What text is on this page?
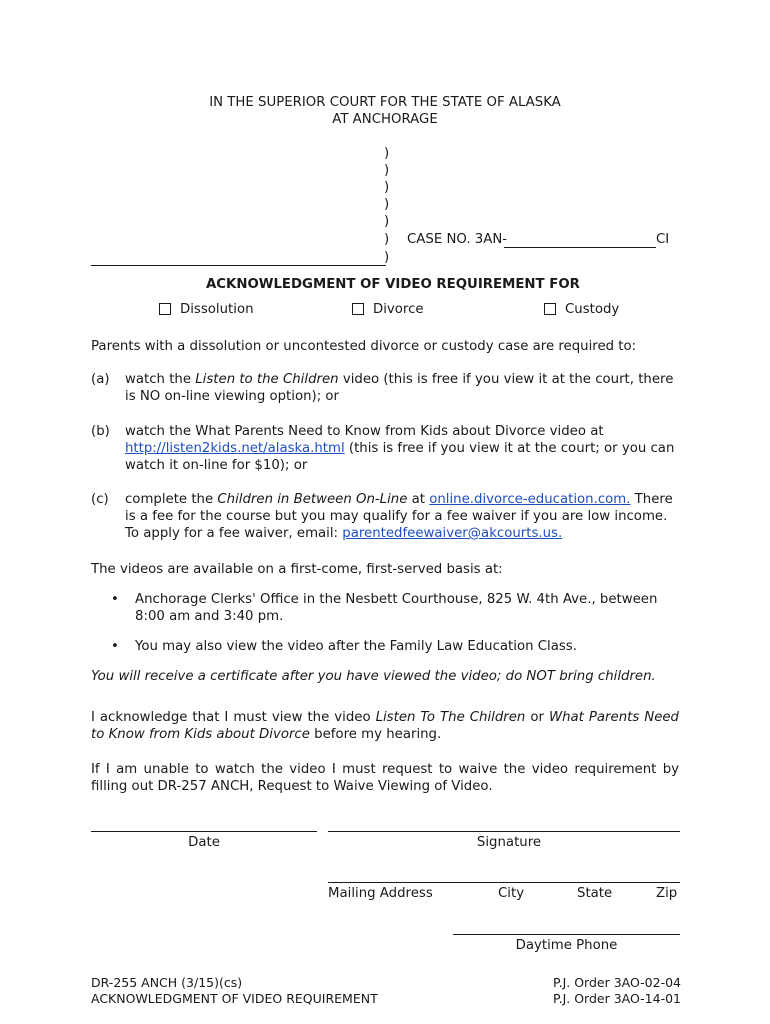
IN THE SUPERIOR COURT FOR THE STATE OF ALASKA
AT ANCHORAGE
)
)
)
)
)
)
)
CASE NO. 3AN-	CI
ACKNOWLEDGMENT OF VIDEO REQUIREMENT FOR
Dissolution	Divorce	Custody
Parents with a dissolution or uncontested divorce or custody case are required to:
(a) watch the Listen to the Children video (this is free if you view it at the court, there is NO on-line viewing option); or
(b) watch the What Parents Need to Know from Kids about Divorce video at
http://listen2kids.net/alaska.html (this is free if you view it at the court; or you can watch it on-line for $10); or
(c) complete the Children in Between On-Line at online.divorce-education.com. There is a fee for the course but you may qualify for a fee waiver if you are low income. To apply for a fee waiver, email: parentedfeewaiver@akcourts.us.
The videos are available on a first-come, first-served basis at:
• Anchorage Clerks' Office in the Nesbett Courthouse, 825 W. 4th Ave., between 8:00 am and 3:40 pm.
• You may also view the video after the Family Law Education Class.
You will receive a certificate after you have viewed the video; do NOT bring children.
I acknowledge that I must view the video Listen To The Children or What Parents Need to Know from Kids about Divorce before my hearing.
If I am unable to watch the video I must request to waive the video requirement by filling out DR-257 ANCH, Request to Waive Viewing of Video.
Date	Signature
Mailing Address	City	State	Zip
Daytime Phone
DR-255 ANCH (3/15)(cs)
ACKNOWLEDGMENT OF VIDEO REQUIREMENT
P.J. Order 3AO-02-04
P.J. Order 3AO-14-01
